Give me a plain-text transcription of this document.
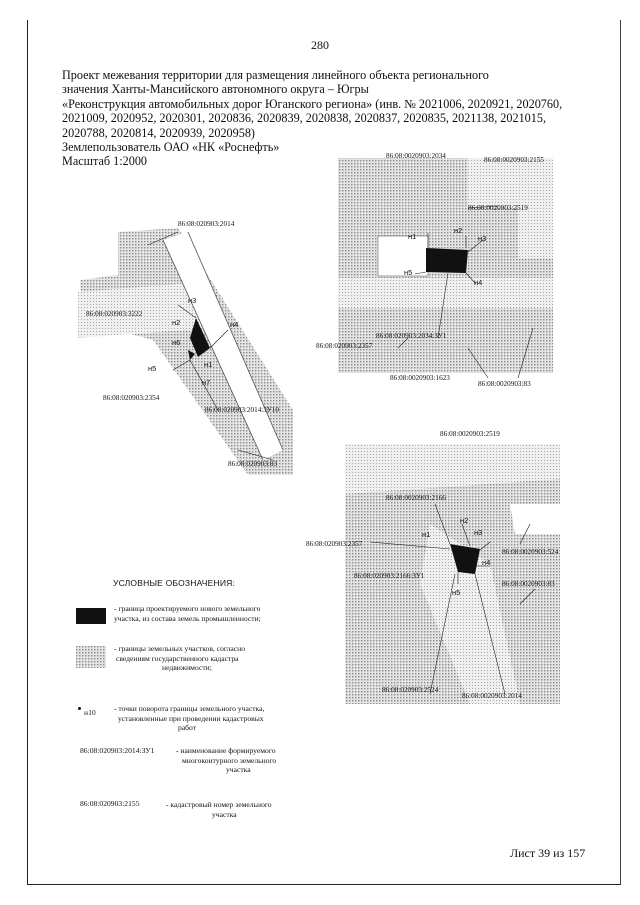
280
Проект межевания территории для размещения линейного объекта регионального
значения Ханты-Мансийского автономного округа – Югры
«Реконструкция автомобильных дорог Юганского региона» (инв. № 2021006, 2020921, 2020760,
2021009, 2020952, 2020301, 2020836, 2020839, 2020838, 2020837, 2020835, 2021138, 2021015,
2020788, 2020814, 2020939, 2020958)
Землепользователь ОАО «НК «Роснефть»
Масштаб 1:2000
86:08:020903:2014
86:08:020903:3222
86:08:020903:2354
86:08:020903:2014:ЗУ10
86:08:020903:83
н3
н2	н4
н6
н5	н1
н7
86:08:0020903:2034	86:08:0020903:2155
86:08:0020903:2519
86:08:020903:2034:ЗУ1
86:08:020903:2357
86:08:0020903:1623
86:08:0020903:83
н1
н2
н3
н4
н5
86:08:0020903:2519
86:08:0020903:2166
86:08:020903:2357
86:08:020903:2166:ЗУ1
86:08:0020903:524
86:08:0020903:83
86:08:020903:2524
86:08:0020903:2014
н1
н2
н3
н4
н5
УСЛОВНЫЕ ОБОЗНАЧЕНИЯ:
- граница проектируемого нового земельного
участка, из состава земель промышленности;
- границы земельных участков, согласно
сведениям государственного кадастра
недвижимости;
н10 - точки поворота границы земельного участка,
установленные при проведении кадастровых
работ
86:08:020903:2014:ЗУ1	- наименование формируемого
многоконтурного земельного
участка
86:08:020903:2155	- кадастровый номер земельного
участка
Лист 39 из 157
